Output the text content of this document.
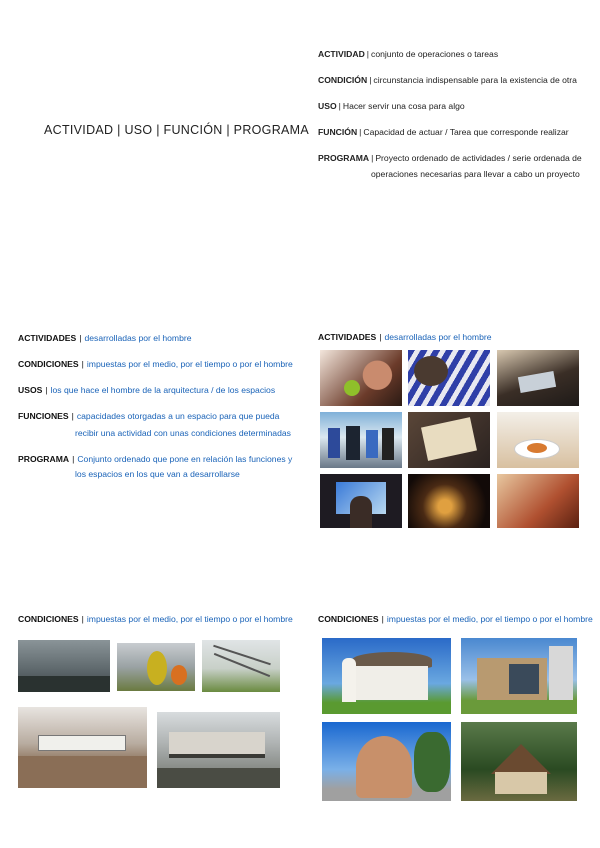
ACTIVIDAD | USO | FUNCIÓN | PROGRAMA
ACTIVIDAD | conjunto de operaciones o tareas
CONDICIÓN | circunstancia indispensable para la existencia de otra
USO | Hacer servir una cosa para algo
FUNCIÓN | Capacidad de actuar / Tarea que corresponde realizar
PROGRAMA | Proyecto ordenado de actividades / serie ordenada de
operaciones necesarias para llevar a cabo un proyecto
ACTIVIDADES | desarrolladas por el hombre
CONDICIONES | impuestas por el medio, por el tiempo o por el hombre
USOS | los que hace el hombre de la arquitectura / de los espacios
FUNCIONES | capacidades otorgadas a un espacio para que pueda
recibir una actividad con unas condiciones determinadas
PROGRAMA | Conjunto ordenado que pone en relación las funciones y
los espacios en los que van a desarrollarse
ACTIVIDADES | desarrolladas por el hombre
CONDICIONES | impuestas por el medio, por el tiempo o por el hombre	CONDICIONES | impuestas por el medio, por el tiempo o por el hombre
